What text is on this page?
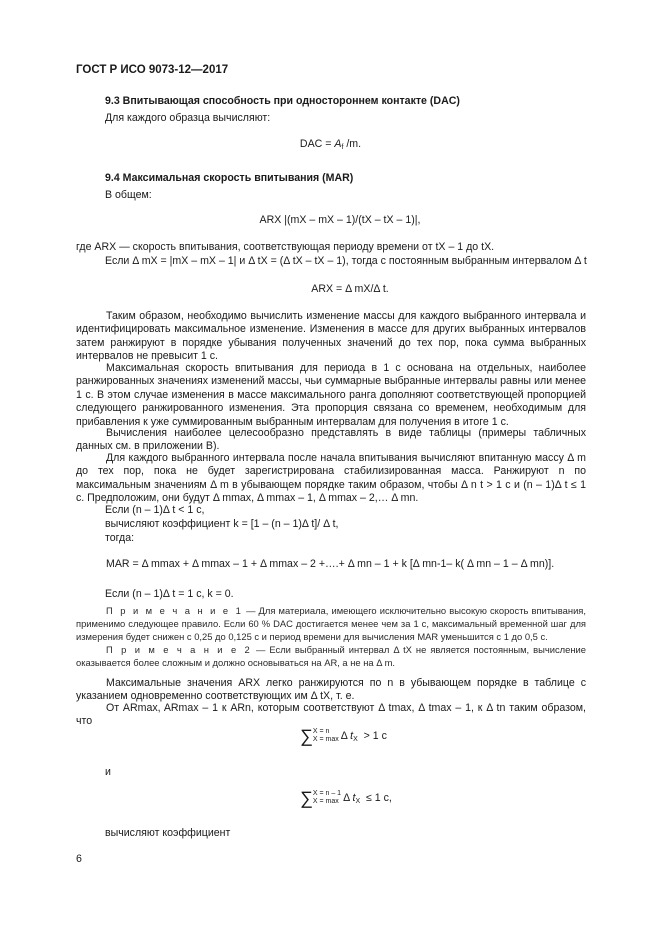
ГОСТ Р ИСО 9073-12—2017
9.3 Впитывающая способность при одностороннем контакте (DAC)
Для каждого образца вычисляют:
DAC = $A_f$ /m.
9.4 Максимальная скорость впитывания (MAR)
В общем:
ARX |(mX – mX – 1)/(tX – tX – 1)|,
где ARX — скорость впитывания, соответствующая периоду времени от tX – 1 до tX.
Если Δ mX = |mX – mX – 1| и Δ tX = (Δ tX – tX – 1), тогда с постоянным выбранным интервалом Δ t
ARX = Δ mX/Δ t.
Таким образом, необходимо вычислить изменение массы для каждого выбранного интервала и идентифицировать максимальное изменение. Изменения в массе для других выбранных интервалов затем ранжируют в порядке убывания полученных значений до тех пор, пока сумма выбранных интервалов не превысит 1 с.
Максимальная скорость впитывания для периода в 1 с основана на отдельных, наиболее ранжированных значениях изменений массы, чьи суммарные выбранные интервалы равны или менее 1 с. В этом случае изменения в массе максимального ранга дополняют соответствующей пропорцией следующего ранжированного изменения. Эта пропорция связана со временем, необходимым для прибавления к уже суммированным выбранным интервалам для получения в итоге 1 с.
Вычисления наиболее целесообразно представлять в виде таблицы (примеры табличных данных см. в приложении В).
Для каждого выбранного интервала после начала впитывания вычисляют впитанную массу Δ m до тех пор, пока не будет зарегистрирована стабилизированная масса. Ранжируют n по максимальным значениям Δ m в убывающем порядке таким образом, чтобы Δ n t > 1 с и (n – 1)Δ t ≤ 1 с. Предположим, они будут Δ mmax, Δ mmax – 1, Δ mmax – 2,… Δ mn.
Если (n – 1)Δ t < 1 c,
вычисляют коэффициент k = [1 – (n – 1)Δ t]/ Δ t,
тогда:
MAR = Δ mmax + Δ mmax – 1 + Δ mmax – 2 +….+ Δ mn – 1 + k [Δ mn-1– k( Δ mn – 1 – Δ mn)].
Если (n – 1)Δ t = 1 c, k = 0.
П р и м е ч а н и е 1 — Для материала, имеющего исключительно высокую скорость впитывания, применимо следующее правило. Если 60 % DAC достигается менее чем за 1 с, максимальный временной шаг для измерения будет снижен с 0,25 до 0,125 с и период времени для вычисления MAR уменьшится с 1 до 0,5 с.
П р и м е ч а н и е 2 — Если выбранный интервал Δ tX не является постоянным, вычисление оказывается более сложным и должно основываться на AR, а не на Δ m.
Максимальные значения ARX легко ранжируются по n в убывающем порядке в таблице с указанием одновременно соответствующих им Δ tX, т. е.
От ARmax, ARmax – 1 к ARn, которым соответствуют Δ tmax, Δ tmax – 1, к Δ tn таким образом, что
∑X = n
X = max Δ $t_X > 1$ c
и
∑X = n – 1
X = max Δ $t_X \le 1$ c,
вычисляют коэффициент
6
